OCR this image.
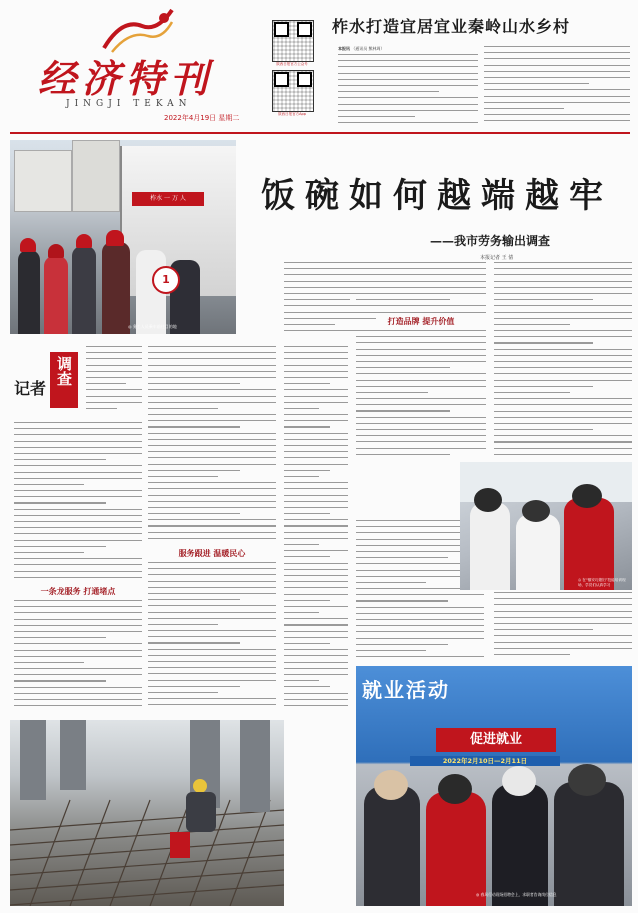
经济特刊
JINGJI TEKAN
2022年4月19日 星期二
陕西日报官方公众号
陕西日报官方App
柞水打造宜居宜业秦岭山水乡村
本报讯 （通讯员 熊林周）
柞水 一 万 人
1
◎ 务工人员乘车前往目的地
饭碗如何越端越牢
——我市劳务输出调查
本报记者 王 倩
记者
调查
一条龙服务 打通堵点
服务跟进 温暖民心
打造品牌 提升价值
◎ 在“镇安巧媳妇”技能培训现场，学员们认真学习
就业活动
促进就业
2022年2月10日—2月11日
◎ 春风行动现场招聘会上，求职者咨询岗位信息
